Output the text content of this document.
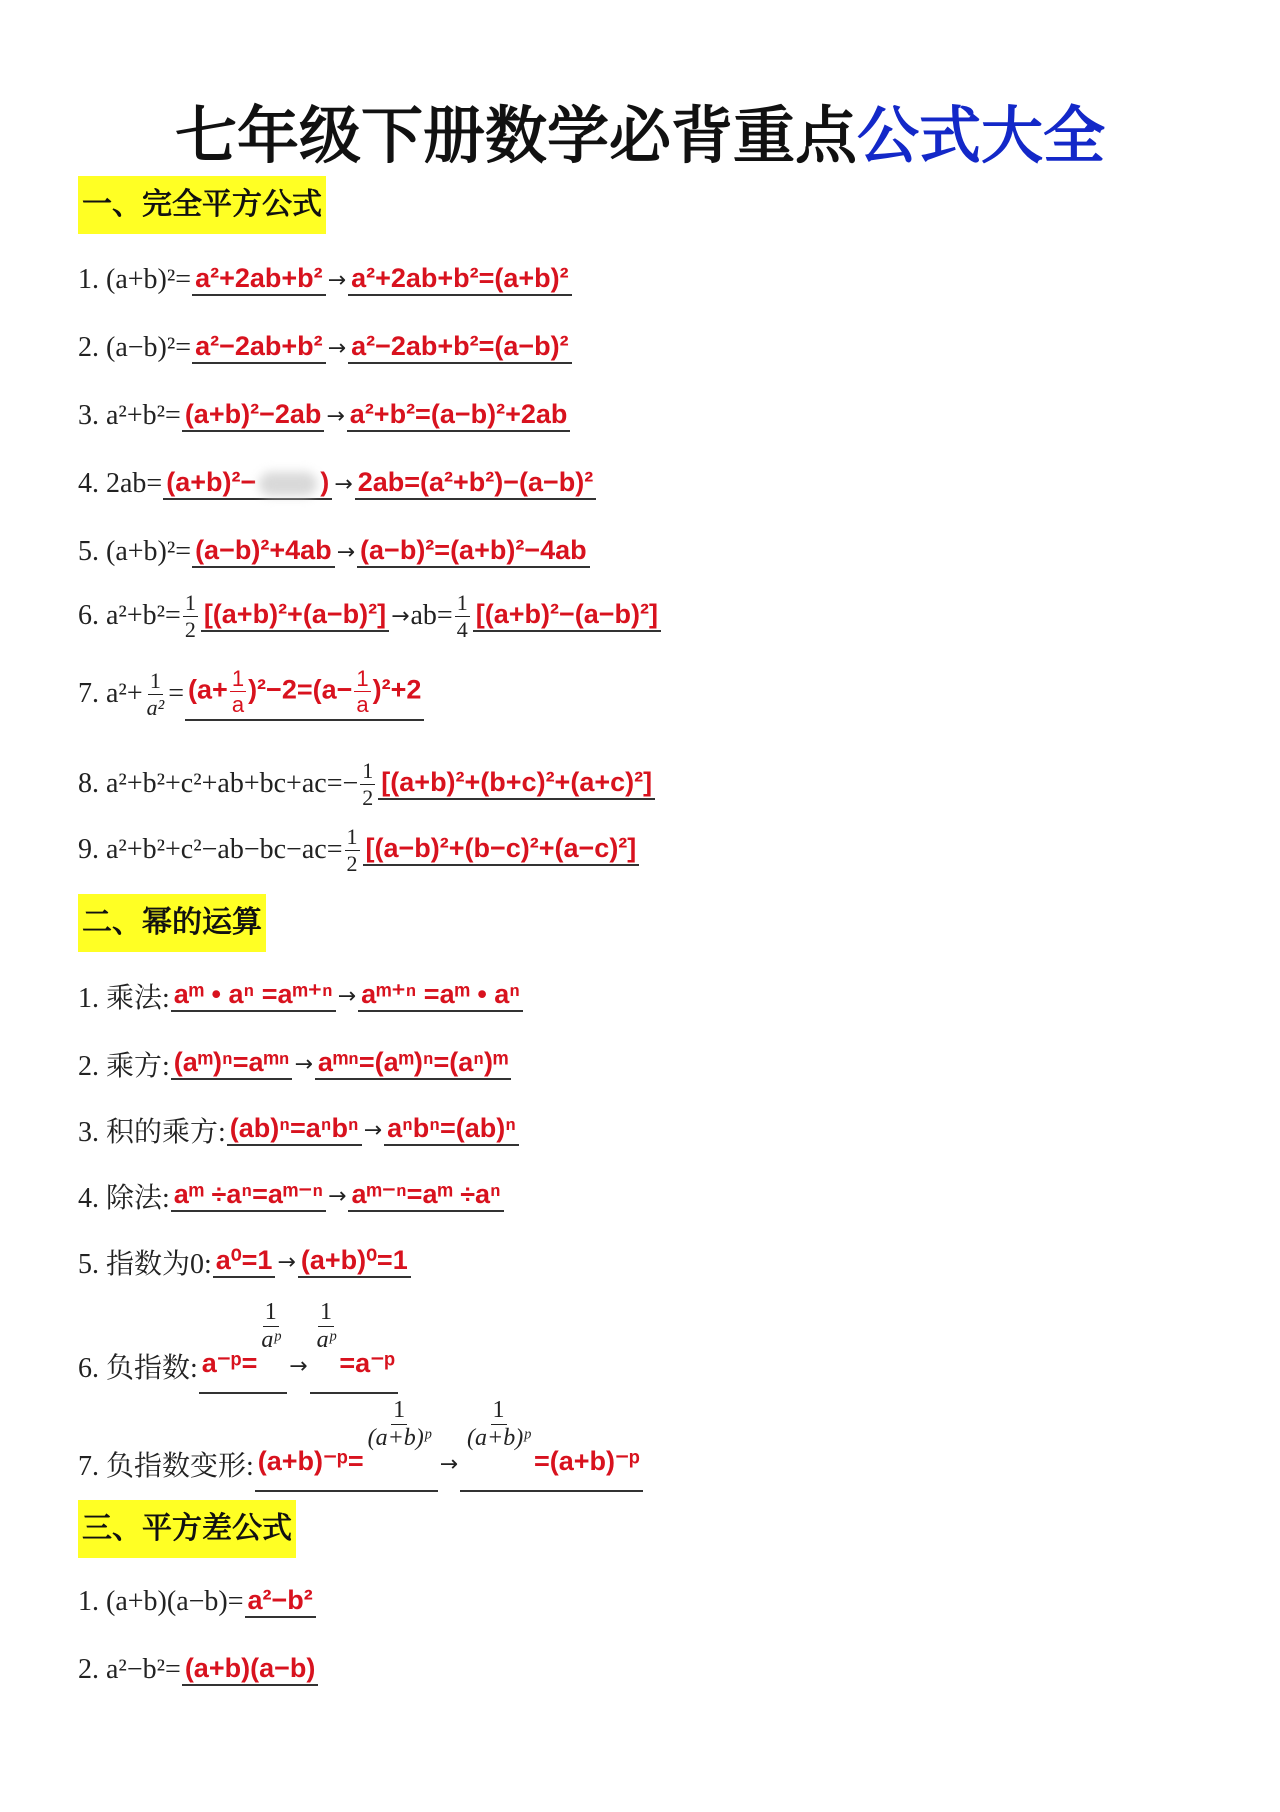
七年级下册数学必背重点公式大全
一、完全平方公式
1. (a+b)²= a²+2ab+b² → a²+2ab+b²=(a+b)²
2. (a−b)²= a²−2ab+b² → a²−2ab+b²=(a−b)²
3. a²+b²= (a+b)²−2ab → a²+b²=(a−b)²+2ab
4. 2ab= (a+b)²− ) → 2ab=(a²+b²)−(a−b)²
5. (a+b)²= (a−b)²+4ab → (a−b)²=(a+b)²−4ab
6. $a^2+b^2= \frac{1}{2} [(a+b)^2+(a-b)^2] \to ab= \frac{1}{4} [(a+b)^2-(a-b)^2]$
7. $a^2+ \frac{1}{\text{a²}} = (a+ \frac{1}{a} )^2-2=(a- \frac{1}{a} )^2+2$
8. $a^2+b^2+c^2+ab+bc+ac=- \frac{1}{2} [(a+b)^2+(b+c)^2+(a+c)^2]$
9. $a^2+b^2+c^2-ab-bc-ac= \frac{1}{2} [(a-b)^2+(b-c)^2+(a-c)^2]$
二、幂的运算
1. 乘法: aᵐ • aⁿ =aᵐ⁺ⁿ → aᵐ⁺ⁿ =aᵐ • aⁿ
2. 乘方: (aᵐ)ⁿ=aᵐⁿ → aᵐⁿ=(aᵐ)ⁿ=(aⁿ)ᵐ
3. 积的乘方: (ab)ⁿ=aⁿbⁿ → aⁿbⁿ=(ab)ⁿ
4. 除法: aᵐ ÷aⁿ=aᵐ⁻ⁿ → aᵐ⁻ⁿ=aᵐ ÷aⁿ
5. 指数为0: a⁰=1 → (a+b)⁰=1
6. 负指数: a⁻ᵖ=
$\frac{1}{\text{aᵖ}}$
→
$\frac{1}{\text{aᵖ}}$
=a⁻ᵖ
7. 负指数变形: (a+b)⁻ᵖ=
$\frac{1}{\text{(a+b)ᵖ}}$
→
$\frac{1}{\text{(a+b)ᵖ}}$
=(a+b)⁻ᵖ
三、平方差公式
1. (a+b)(a−b)= a²−b²
2. a²−b²= (a+b)(a−b)
